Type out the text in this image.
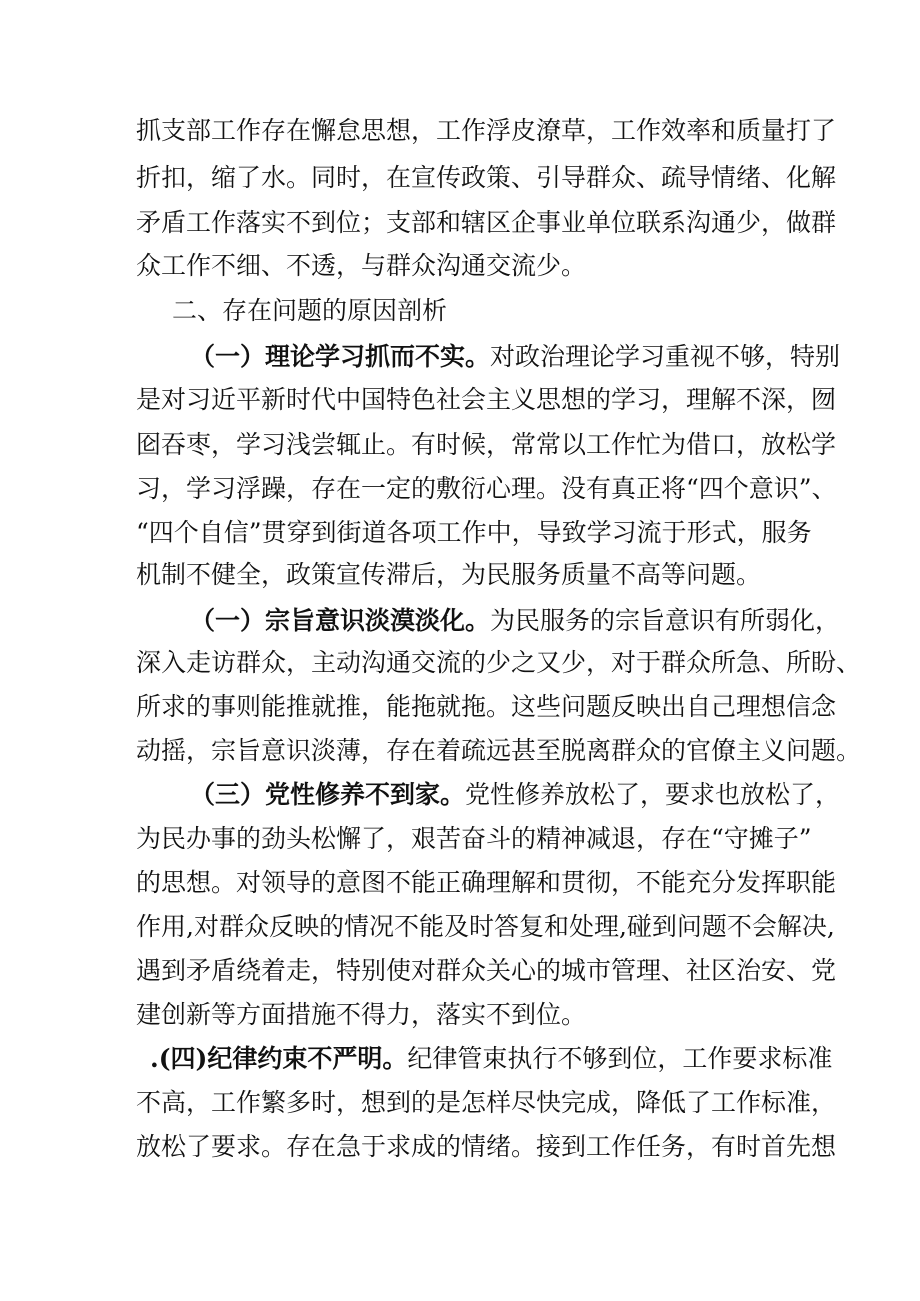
抓支部工作存在懈怠思想，工作浮皮潦草，工作效率和质量打了
折扣，缩了水。同时，在宣传政策、引导群众、疏导情绪、化解
矛盾工作落实不到位；支部和辖区企事业单位联系沟通少，做群
众工作不细、不透，与群众沟通交流少。
二、存在问题的原因剖析
（一）理论学习抓而不实。对政治理论学习重视不够，特别
是对习近平新时代中国特色社会主义思想的学习，理解不深，囫
囵吞枣，学习浅尝辄止。有时候，常常以工作忙为借口，放松学
习，学习浮躁，存在一定的敷衍心理。没有真正将“四个意识”、
“四个自信”贯穿到街道各项工作中，导致学习流于形式，服务
机制不健全，政策宣传滞后，为民服务质量不高等问题。
（一）宗旨意识淡漠淡化。为民服务的宗旨意识有所弱化，
深入走访群众，主动沟通交流的少之又少，对于群众所急、所盼、
所求的事则能推就推，能拖就拖。这些问题反映出自己理想信念
动摇，宗旨意识淡薄，存在着疏远甚至脱离群众的官僚主义问题。
（三）党性修养不到家。党性修养放松了，要求也放松了，
为民办事的劲头松懈了，艰苦奋斗的精神减退，存在“守摊子”
的思想。对领导的意图不能正确理解和贯彻，不能充分发挥职能
作用,对群众反映的情况不能及时答复和处理,碰到问题不会解决,
遇到矛盾绕着走，特别使对群众关心的城市管理、社区治安、党
建创新等方面措施不得力，落实不到位。
.(四)纪律约束不严明。纪律管束执行不够到位，工作要求标准
不高，工作繁多时，想到的是怎样尽快完成，降低了工作标准，
放松了要求。存在急于求成的情绪。接到工作任务，有时首先想
